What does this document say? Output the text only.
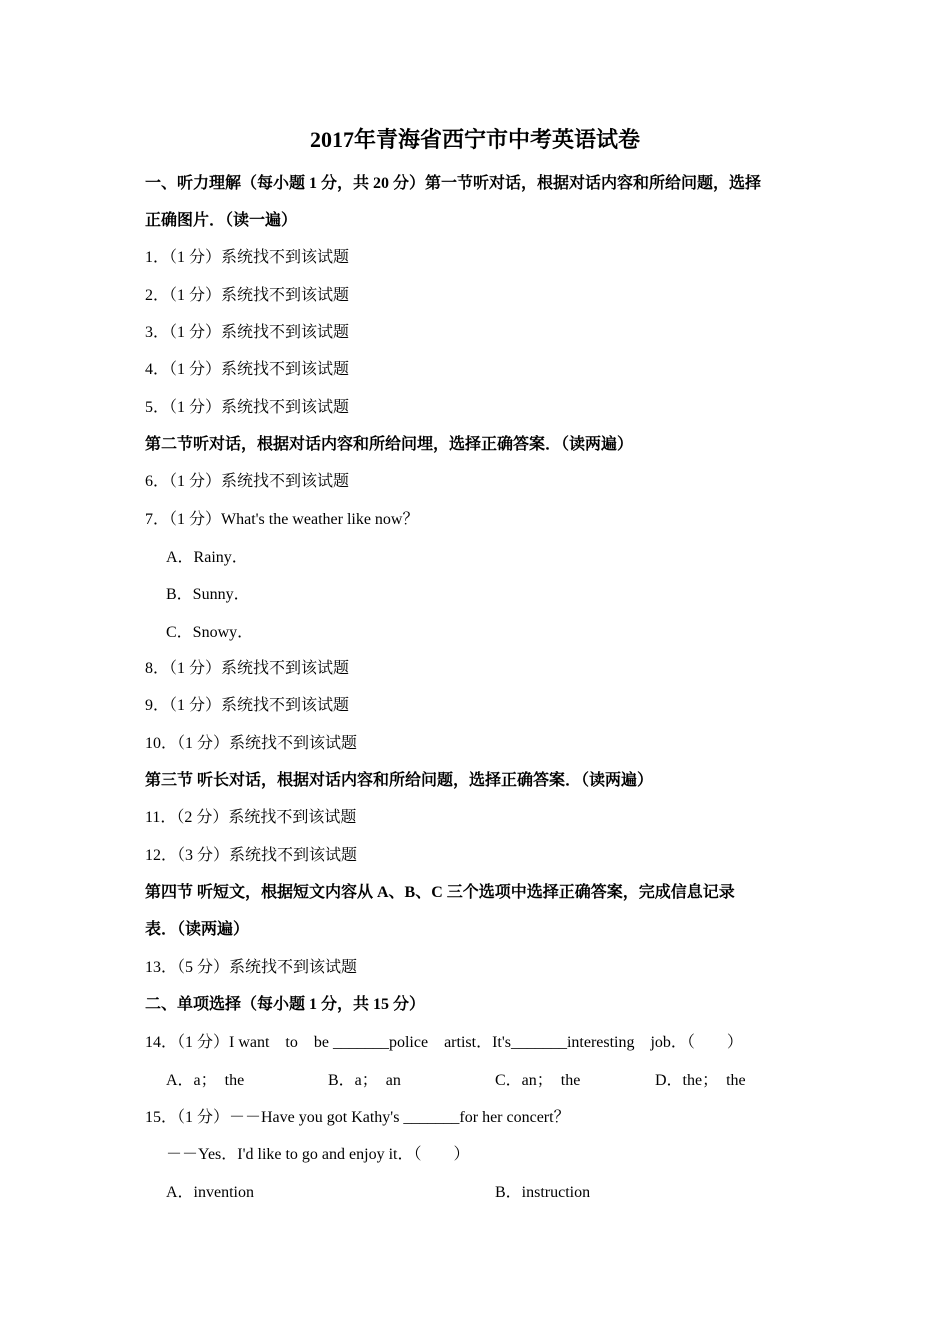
2017年青海省西宁市中考英语试卷
一、听力理解（每小题 1 分，共 20 分）第一节听对话，根据对话内容和所给问题，选择
正确图片．（读一遍）
1．（1 分）系统找不到该试题
2．（1 分）系统找不到该试题
3．（1 分）系统找不到该试题
4．（1 分）系统找不到该试题
5．（1 分）系统找不到该试题
第二节听对话，根据对话内容和所给问埋，选择正确答案．（读两遍）
6．（1 分）系统找不到该试题
7．（1 分）What's the weather like now？
A．Rainy．
B．Sunny．
C．Snowy．
8．（1 分）系统找不到该试题
9．（1 分）系统找不到该试题
10．（1 分）系统找不到该试题
第三节 听长对话，根据对话内容和所给问题，选择正确答案．（读两遍）
11．（2 分）系统找不到该试题
12．（3 分）系统找不到该试题
第四节 听短文，根据短文内容从 A、B、C 三个选项中选择正确答案，完成信息记录
表．（读两遍）
13．（5 分）系统找不到该试题
二、单项选择（每小题 1 分，共 15 分）
14．（1 分）I want    to    be _______police    artist．It's_______interesting    job．（        ）
A．a；  the	B．a；  an	C．an；  the	D．the；  the
15．（1 分）－－Have you got Kathy's _______for her concert？
－－Yes．I'd like to go and enjoy it．（        ）
A．invention	B．instruction
